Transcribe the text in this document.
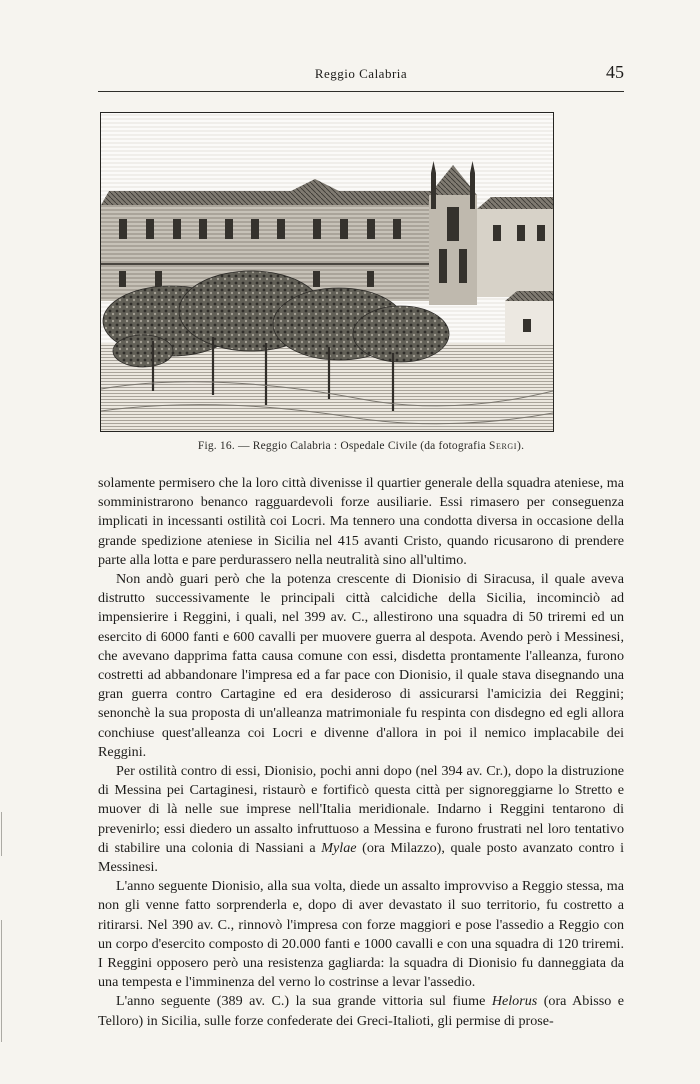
Reggio Calabria	45
Fig. 16. — Reggio Calabria : Ospedale Civile (da fotografia Sergi).

solamente permisero che la loro città divenisse il quartier generale della squadra ateniese, ma somministrarono benanco ragguardevoli forze ausiliarie. Essi rimasero per conseguenza implicati in incessanti ostilità coi Locri. Ma tennero una condotta diversa in occasione della grande spedizione ateniese in Sicilia nel 415 avanti Cristo, quando ricusarono di prendere parte alla lotta e pare perdurassero nella neutralità sino all'ultimo.

Non andò guari però che la potenza crescente di Dionisio di Siracusa, il quale aveva distrutto successivamente le principali città calcidiche della Sicilia, incominciò ad impensierire i Reggini, i quali, nel 399 av. C., allestirono una squadra di 50 triremi ed un esercito di 6000 fanti e 600 cavalli per muovere guerra al despota. Avendo però i Messinesi, che avevano dapprima fatta causa comune con essi, disdetta prontamente l'alleanza, furono costretti ad abbandonare l'impresa ed a far pace con Dionisio, il quale stava disegnando una gran guerra contro Cartagine ed era desideroso di assicurarsi l'amicizia dei Reggini; senonchè la sua proposta di un'alleanza matrimoniale fu respinta con disdegno ed egli allora conchiuse quest'alleanza coi Locri e divenne d'allora in poi il nemico implacabile dei Reggini.

Per ostilità contro di essi, Dionisio, pochi anni dopo (nel 394 av. Cr.), dopo la distruzione di Messina pei Cartaginesi, ristaurò e fortificò questa città per signoreggiarne lo Stretto e muover di là nelle sue imprese nell'Italia meridionale. Indarno i Reggini tentarono di prevenirlo; essi diedero un assalto infruttuoso a Messina e furono frustrati nel loro tentativo di stabilire una colonia di Nassiani a Mylae (ora Milazzo), quale posto avanzato contro i Messinesi.

L'anno seguente Dionisio, alla sua volta, diede un assalto improvviso a Reggio stessa, ma non gli venne fatto sorprenderla e, dopo di aver devastato il suo territorio, fu costretto a ritirarsi. Nel 390 av. C., rinnovò l'impresa con forze maggiori e pose l'assedio a Reggio con un corpo d'esercito composto di 20.000 fanti e 1000 cavalli e con una squadra di 120 triremi. I Reggini opposero però una resistenza gagliarda: la squadra di Dionisio fu danneggiata da una tempesta e l'imminenza del verno lo costrinse a levar l'assedio.

L'anno seguente (389 av. C.) la sua grande vittoria sul fiume Helorus (ora Abisso e Telloro) in Sicilia, sulle forze confederate dei Greci-Italioti, gli permise di prose-
